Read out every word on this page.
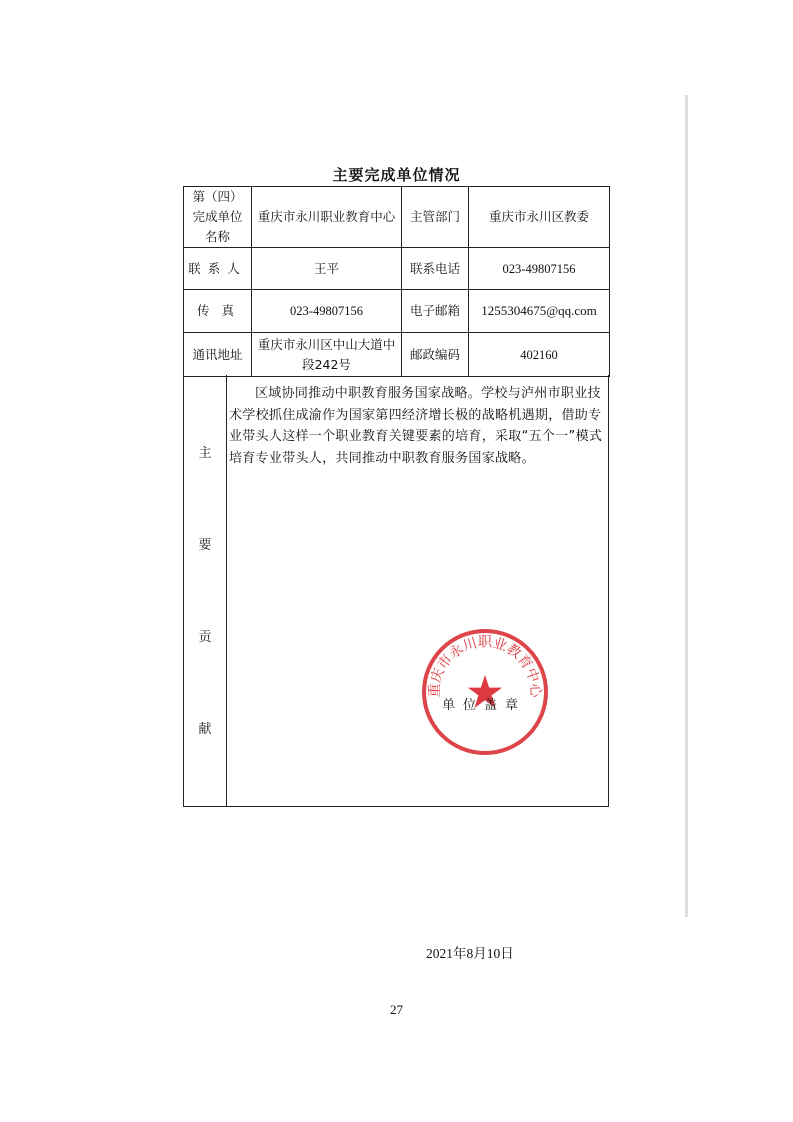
主要完成单位情况
第（四）完成单位名称	重庆市永川职业教育中心	主管部门	重庆市永川区教委
联系人	王平	联系电话	023-49807156
传 真	023-49807156	电子邮箱	1255304675@qq.com
通讯地址	重庆市永川区中山大道中段242号	邮政编码	402160
主
要
贡
献
区域协同推动中职教育服务国家战略。学校与泸州市职业技术学校抓住成渝作为国家第四经济增长极的战略机遇期，借助专业带头人这样一个职业教育关键要素的培育，采取“五个一”模式培育专业带头人，共同推动中职教育服务国家战略。
重庆市永川职业教育中心
单位盖章
2021年8月10日
27
